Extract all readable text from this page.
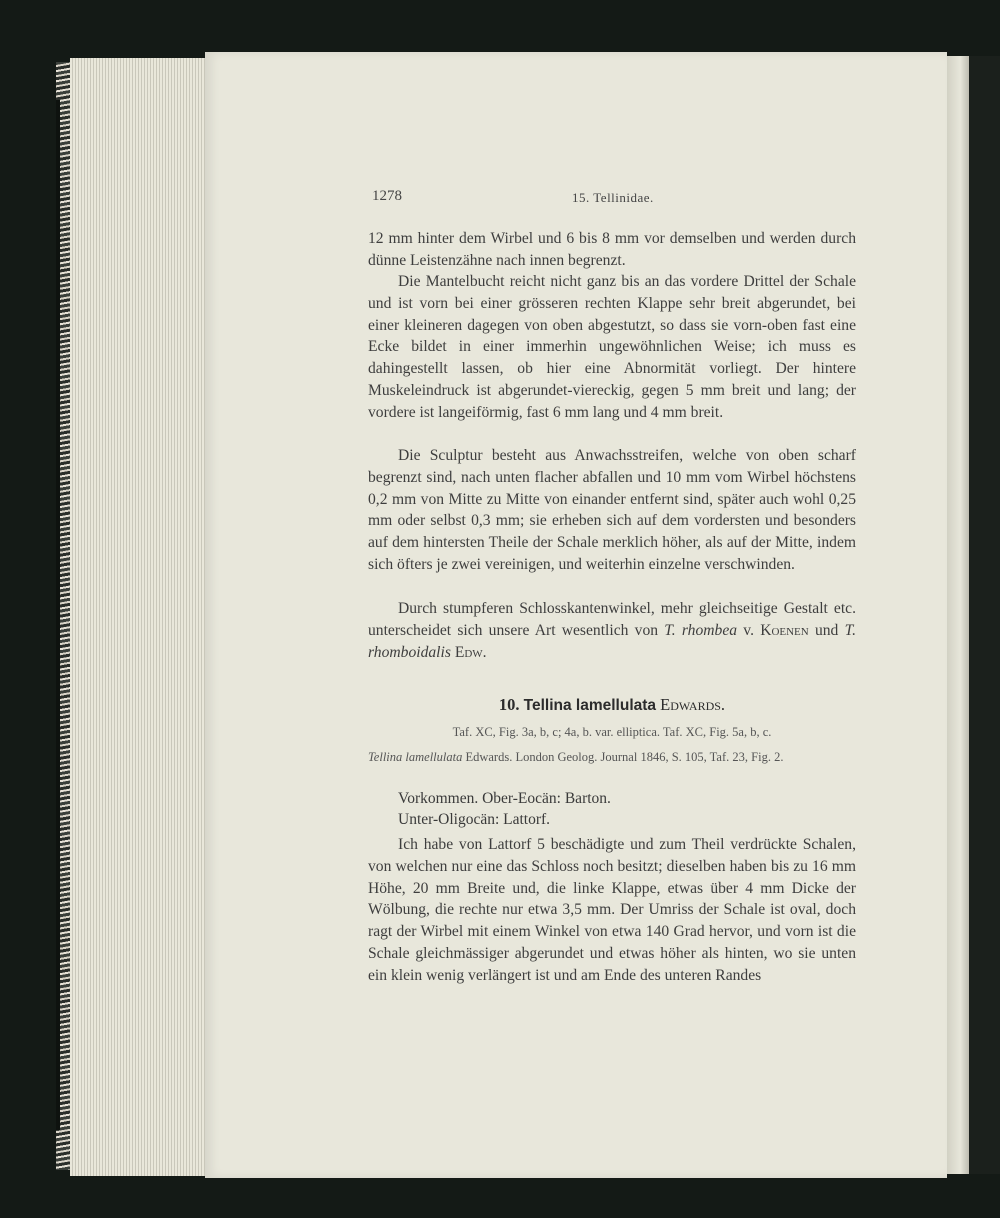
1278	15. Tellinidae.
12 mm hinter dem Wirbel und 6 bis 8 mm vor demselben und werden durch dünne Leistenzähne nach innen begrenzt.
Die Mantelbucht reicht nicht ganz bis an das vordere Drittel der Schale und ist vorn bei einer grösseren rechten Klappe sehr breit abgerundet, bei einer kleineren dagegen von oben abgestutzt, so dass sie vorn-oben fast eine Ecke bildet in einer immerhin ungewöhnlichen Weise; ich muss es dahingestellt lassen, ob hier eine Abnormität vorliegt. Der hintere Muskeleindruck ist abgerundet-viereckig, gegen 5 mm breit und lang; der vordere ist langeiförmig, fast 6 mm lang und 4 mm breit.
Die Sculptur besteht aus Anwachsstreifen, welche von oben scharf begrenzt sind, nach unten flacher abfallen und 10 mm vom Wirbel höchstens 0,2 mm von Mitte zu Mitte von einander entfernt sind, später auch wohl 0,25 mm oder selbst 0,3 mm; sie erheben sich auf dem vordersten und besonders auf dem hintersten Theile der Schale merklich höher, als auf der Mitte, indem sich öfters je zwei vereinigen, und weiterhin einzelne verschwinden.
Durch stumpferen Schlosskantenwinkel, mehr gleichseitige Gestalt etc. unterscheidet sich unsere Art wesentlich von T. rhombea v. Koenen und T. rhomboidalis Edw.
10. Tellina lamellulata Edwards.
Taf. XC, Fig. 3a, b, c; 4a, b. var. elliptica. Taf. XC, Fig. 5a, b, c.
Tellina lamellulata Edwards. London Geolog. Journal 1846, S. 105, Taf. 23, Fig. 2.
Vorkommen. Ober-Eocän: Barton.
Unter-Oligocän: Lattorf.
Ich habe von Lattorf 5 beschädigte und zum Theil verdrückte Schalen, von welchen nur eine das Schloss noch besitzt; dieselben haben bis zu 16 mm Höhe, 20 mm Breite und, die linke Klappe, etwas über 4 mm Dicke der Wölbung, die rechte nur etwa 3,5 mm. Der Umriss der Schale ist oval, doch ragt der Wirbel mit einem Winkel von etwa 140 Grad hervor, und vorn ist die Schale gleichmässiger abgerundet und etwas höher als hinten, wo sie unten ein klein wenig verlängert ist und am Ende des unteren Randes
